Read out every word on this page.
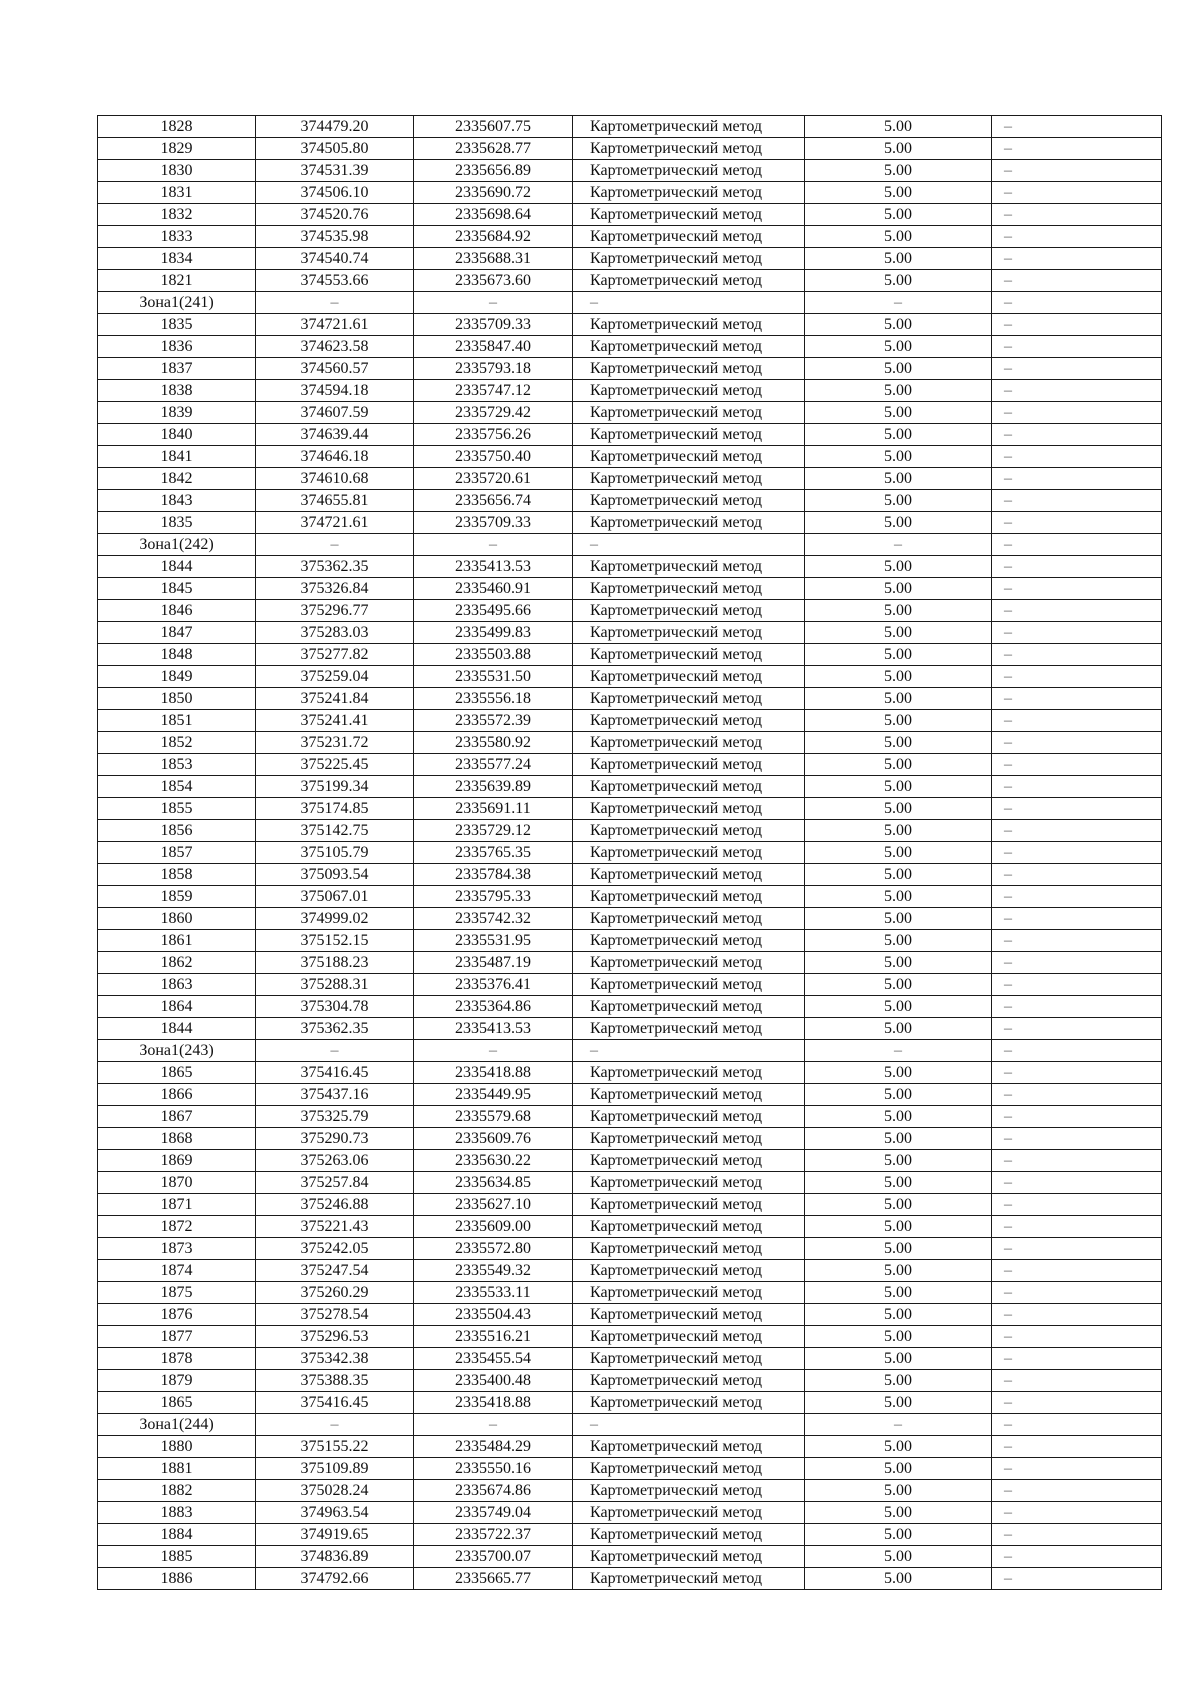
1828	374479.20	2335607.75	Картометрический метод	5.00	–
1829	374505.80	2335628.77	Картометрический метод	5.00	–
1830	374531.39	2335656.89	Картометрический метод	5.00	–
1831	374506.10	2335690.72	Картометрический метод	5.00	–
1832	374520.76	2335698.64	Картометрический метод	5.00	–
1833	374535.98	2335684.92	Картометрический метод	5.00	–
1834	374540.74	2335688.31	Картометрический метод	5.00	–
1821	374553.66	2335673.60	Картометрический метод	5.00	–
Зона1(241)	–	–	–	–	–
1835	374721.61	2335709.33	Картометрический метод	5.00	–
1836	374623.58	2335847.40	Картометрический метод	5.00	–
1837	374560.57	2335793.18	Картометрический метод	5.00	–
1838	374594.18	2335747.12	Картометрический метод	5.00	–
1839	374607.59	2335729.42	Картометрический метод	5.00	–
1840	374639.44	2335756.26	Картометрический метод	5.00	–
1841	374646.18	2335750.40	Картометрический метод	5.00	–
1842	374610.68	2335720.61	Картометрический метод	5.00	–
1843	374655.81	2335656.74	Картометрический метод	5.00	–
1835	374721.61	2335709.33	Картометрический метод	5.00	–
Зона1(242)	–	–	–	–	–
1844	375362.35	2335413.53	Картометрический метод	5.00	–
1845	375326.84	2335460.91	Картометрический метод	5.00	–
1846	375296.77	2335495.66	Картометрический метод	5.00	–
1847	375283.03	2335499.83	Картометрический метод	5.00	–
1848	375277.82	2335503.88	Картометрический метод	5.00	–
1849	375259.04	2335531.50	Картометрический метод	5.00	–
1850	375241.84	2335556.18	Картометрический метод	5.00	–
1851	375241.41	2335572.39	Картометрический метод	5.00	–
1852	375231.72	2335580.92	Картометрический метод	5.00	–
1853	375225.45	2335577.24	Картометрический метод	5.00	–
1854	375199.34	2335639.89	Картометрический метод	5.00	–
1855	375174.85	2335691.11	Картометрический метод	5.00	–
1856	375142.75	2335729.12	Картометрический метод	5.00	–
1857	375105.79	2335765.35	Картометрический метод	5.00	–
1858	375093.54	2335784.38	Картометрический метод	5.00	–
1859	375067.01	2335795.33	Картометрический метод	5.00	–
1860	374999.02	2335742.32	Картометрический метод	5.00	–
1861	375152.15	2335531.95	Картометрический метод	5.00	–
1862	375188.23	2335487.19	Картометрический метод	5.00	–
1863	375288.31	2335376.41	Картометрический метод	5.00	–
1864	375304.78	2335364.86	Картометрический метод	5.00	–
1844	375362.35	2335413.53	Картометрический метод	5.00	–
Зона1(243)	–	–	–	–	–
1865	375416.45	2335418.88	Картометрический метод	5.00	–
1866	375437.16	2335449.95	Картометрический метод	5.00	–
1867	375325.79	2335579.68	Картометрический метод	5.00	–
1868	375290.73	2335609.76	Картометрический метод	5.00	–
1869	375263.06	2335630.22	Картометрический метод	5.00	–
1870	375257.84	2335634.85	Картометрический метод	5.00	–
1871	375246.88	2335627.10	Картометрический метод	5.00	–
1872	375221.43	2335609.00	Картометрический метод	5.00	–
1873	375242.05	2335572.80	Картометрический метод	5.00	–
1874	375247.54	2335549.32	Картометрический метод	5.00	–
1875	375260.29	2335533.11	Картометрический метод	5.00	–
1876	375278.54	2335504.43	Картометрический метод	5.00	–
1877	375296.53	2335516.21	Картометрический метод	5.00	–
1878	375342.38	2335455.54	Картометрический метод	5.00	–
1879	375388.35	2335400.48	Картометрический метод	5.00	–
1865	375416.45	2335418.88	Картометрический метод	5.00	–
Зона1(244)	–	–	–	–	–
1880	375155.22	2335484.29	Картометрический метод	5.00	–
1881	375109.89	2335550.16	Картометрический метод	5.00	–
1882	375028.24	2335674.86	Картометрический метод	5.00	–
1883	374963.54	2335749.04	Картометрический метод	5.00	–
1884	374919.65	2335722.37	Картометрический метод	5.00	–
1885	374836.89	2335700.07	Картометрический метод	5.00	–
1886	374792.66	2335665.77	Картометрический метод	5.00	–
